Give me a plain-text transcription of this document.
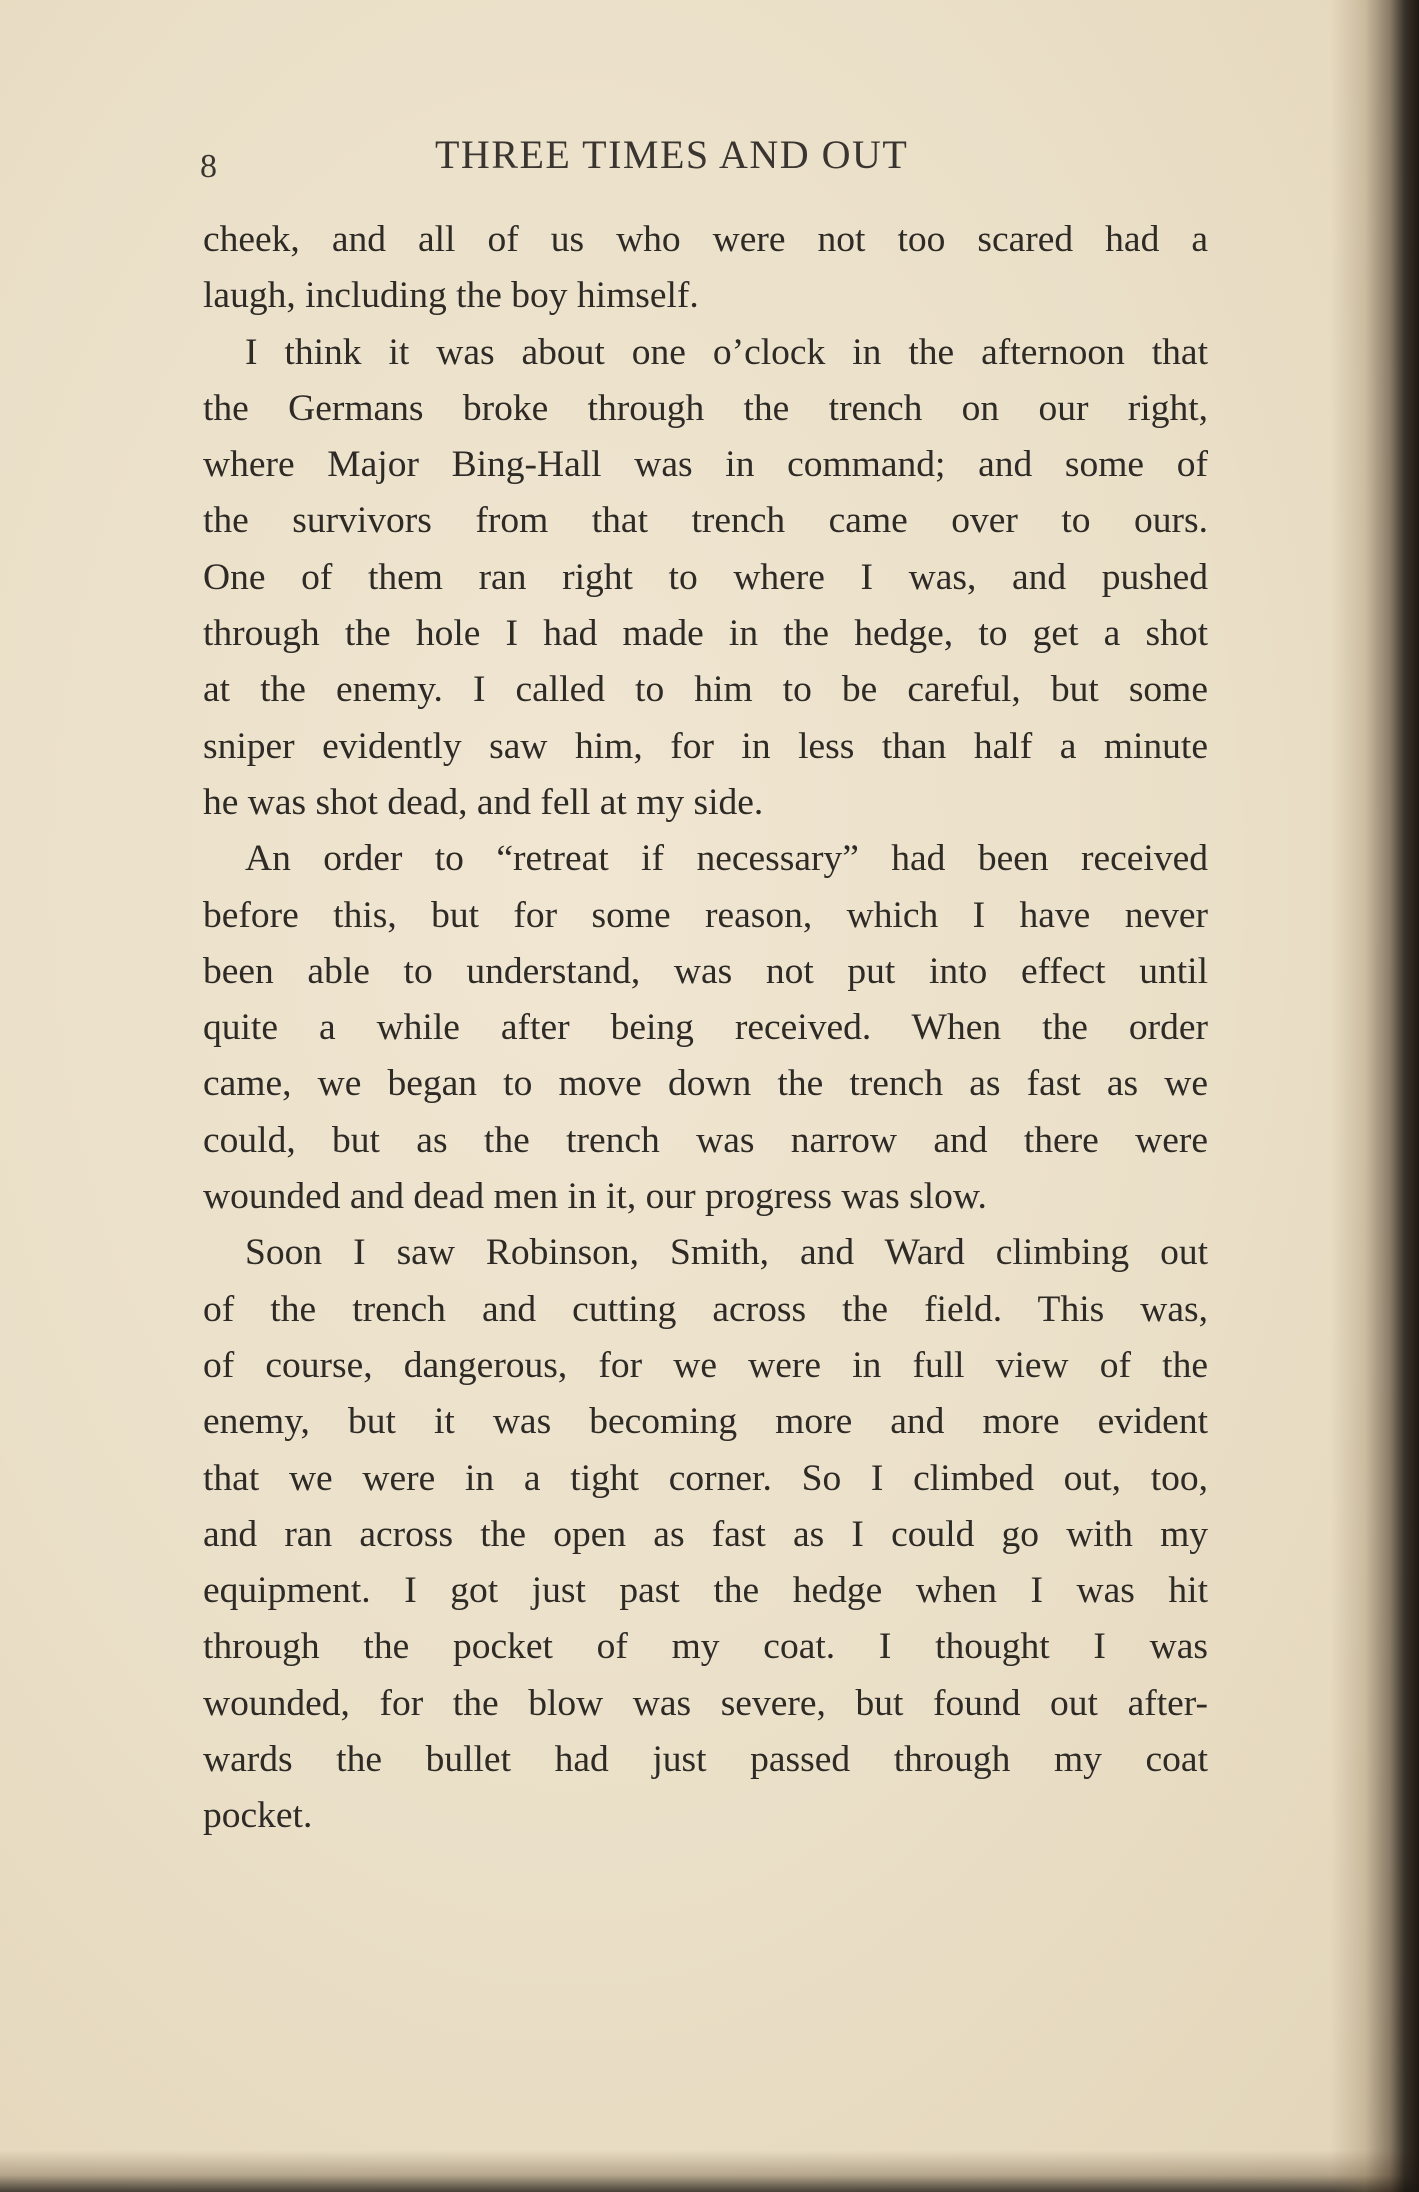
8	THREE TIMES AND OUT
cheek, and all of us who were not too scared had a
laugh, including the boy himself.
I think it was about one o’clock in the afternoon that
the Germans broke through the trench on our right,
where Major Bing-Hall was in command; and some of
the survivors from that trench came over to ours.
One of them ran right to where I was, and pushed
through the hole I had made in the hedge, to get a shot
at the enemy. I called to him to be careful, but some
sniper evidently saw him, for in less than half a minute
he was shot dead, and fell at my side.
An order to “retreat if necessary” had been received
before this, but for some reason, which I have never
been able to understand, was not put into effect until
quite a while after being received. When the order
came, we began to move down the trench as fast as we
could, but as the trench was narrow and there were
wounded and dead men in it, our progress was slow.
Soon I saw Robinson, Smith, and Ward climbing out
of the trench and cutting across the field. This was,
of course, dangerous, for we were in full view of the
enemy, but it was becoming more and more evident
that we were in a tight corner. So I climbed out, too,
and ran across the open as fast as I could go with my
equipment. I got just past the hedge when I was hit
through the pocket of my coat. I thought I was
wounded, for the blow was severe, but found out after-
wards the bullet had just passed through my coat
pocket.
